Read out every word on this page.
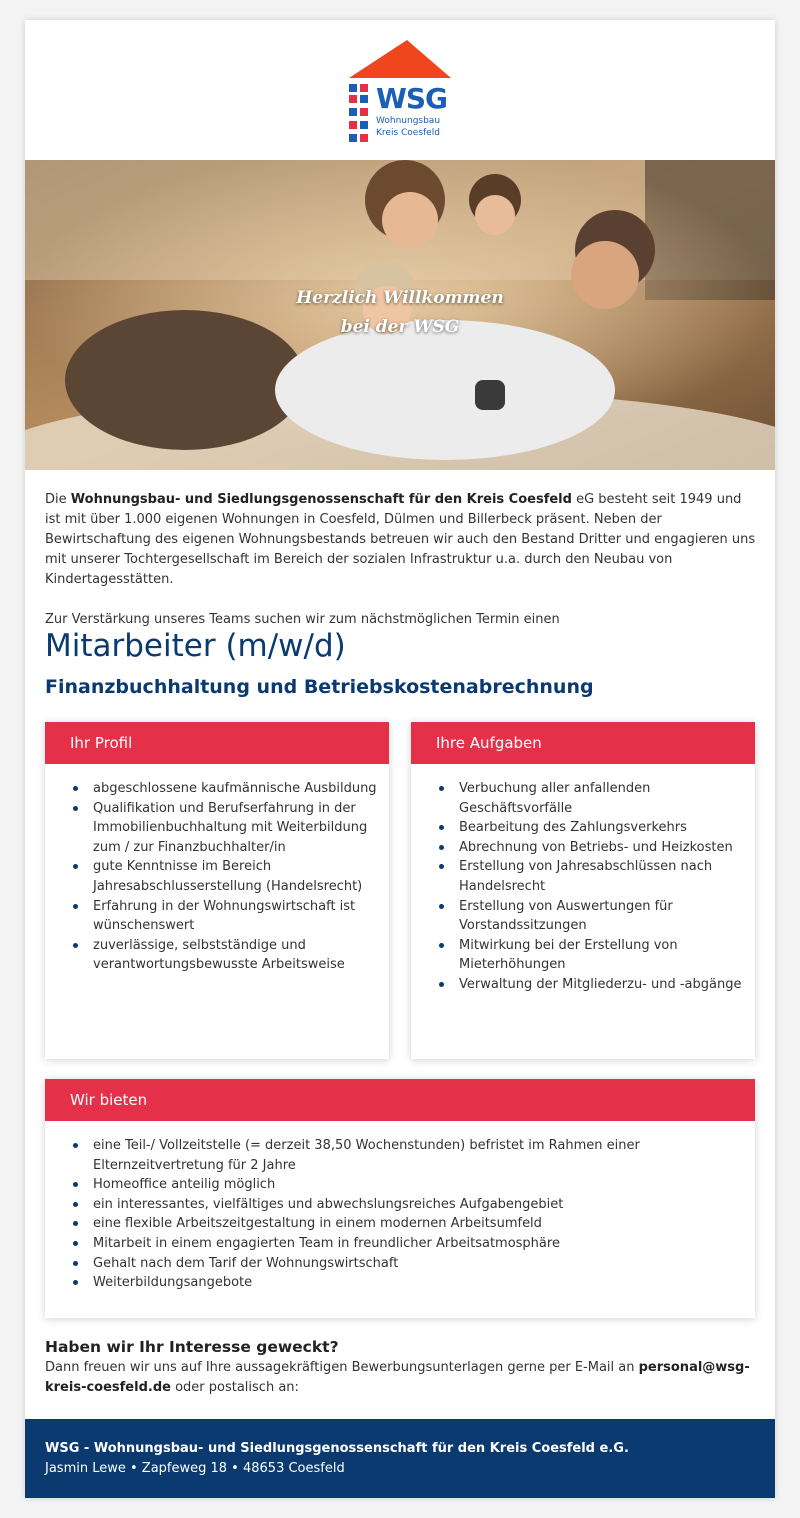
WSG
Wohnungsbau
Kreis Coesfeld
Herzlich Willkommen
bei der WSG

Die Wohnungsbau- und Siedlungsgenossenschaft für den Kreis Coesfeld eG besteht seit 1949 und ist mit über 1.000 eigenen Wohnungen in Coesfeld, Dülmen und Billerbeck präsent. Neben der Bewirtschaftung des eigenen Wohnungsbestands betreuen wir auch den Bestand Dritter und engagieren uns mit unserer Tochtergesellschaft im Bereich der sozialen Infrastruktur u.a. durch den Neubau von Kindertagesstätten.

Zur Verstärkung unseres Teams suchen wir zum nächstmöglichen Termin einen

Mitarbeiter (m/w/d)
Finanzbuchhaltung und Betriebskostenabrechnung
Ihr Profil
abgeschlossene kaufmännische Ausbildung
Qualifikation und Berufserfahrung in der Immobilienbuchhaltung mit Weiterbildung zum / zur Finanzbuchhalter/in
gute Kenntnisse im Bereich Jahresabschlusserstellung (Handelsrecht)
Erfahrung in der Wohnungswirtschaft ist wünschenswert
zuverlässige, selbstständige und verantwortungsbewusste Arbeitsweise
Ihre Aufgaben
Verbuchung aller anfallenden Geschäftsvorfälle
Bearbeitung des Zahlungsverkehrs
Abrechnung von Betriebs- und Heizkosten
Erstellung von Jahresabschlüssen nach Handelsrecht
Erstellung von Auswertungen für Vorstandssitzungen
Mitwirkung bei der Erstellung von Mieterhöhungen
Verwaltung der Mitgliederzu- und -abgänge
Wir bieten
eine Teil-/ Vollzeitstelle (= derzeit 38,50 Wochenstunden) befristet im Rahmen einer Elternzeitvertretung für 2 Jahre
Homeoffice anteilig möglich
ein interessantes, vielfältiges und abwechslungsreiches Aufgabengebiet
eine flexible Arbeitszeitgestaltung in einem modernen Arbeitsumfeld
Mitarbeit in einem engagierten Team in freundlicher Arbeitsatmosphäre
Gehalt nach dem Tarif der Wohnungswirtschaft
Weiterbildungsangebote
Haben wir Ihr Interesse geweckt?

Dann freuen wir uns auf Ihre aussagekräftigen Bewerbungsunterlagen gerne per E-Mail an personal@wsg-kreis-coesfeld.de oder postalisch an:

WSG - Wohnungsbau- und Siedlungsgenossenschaft für den Kreis Coesfeld e.G.
Jasmin Lewe • Zapfeweg 18 • 48653 Coesfeld
